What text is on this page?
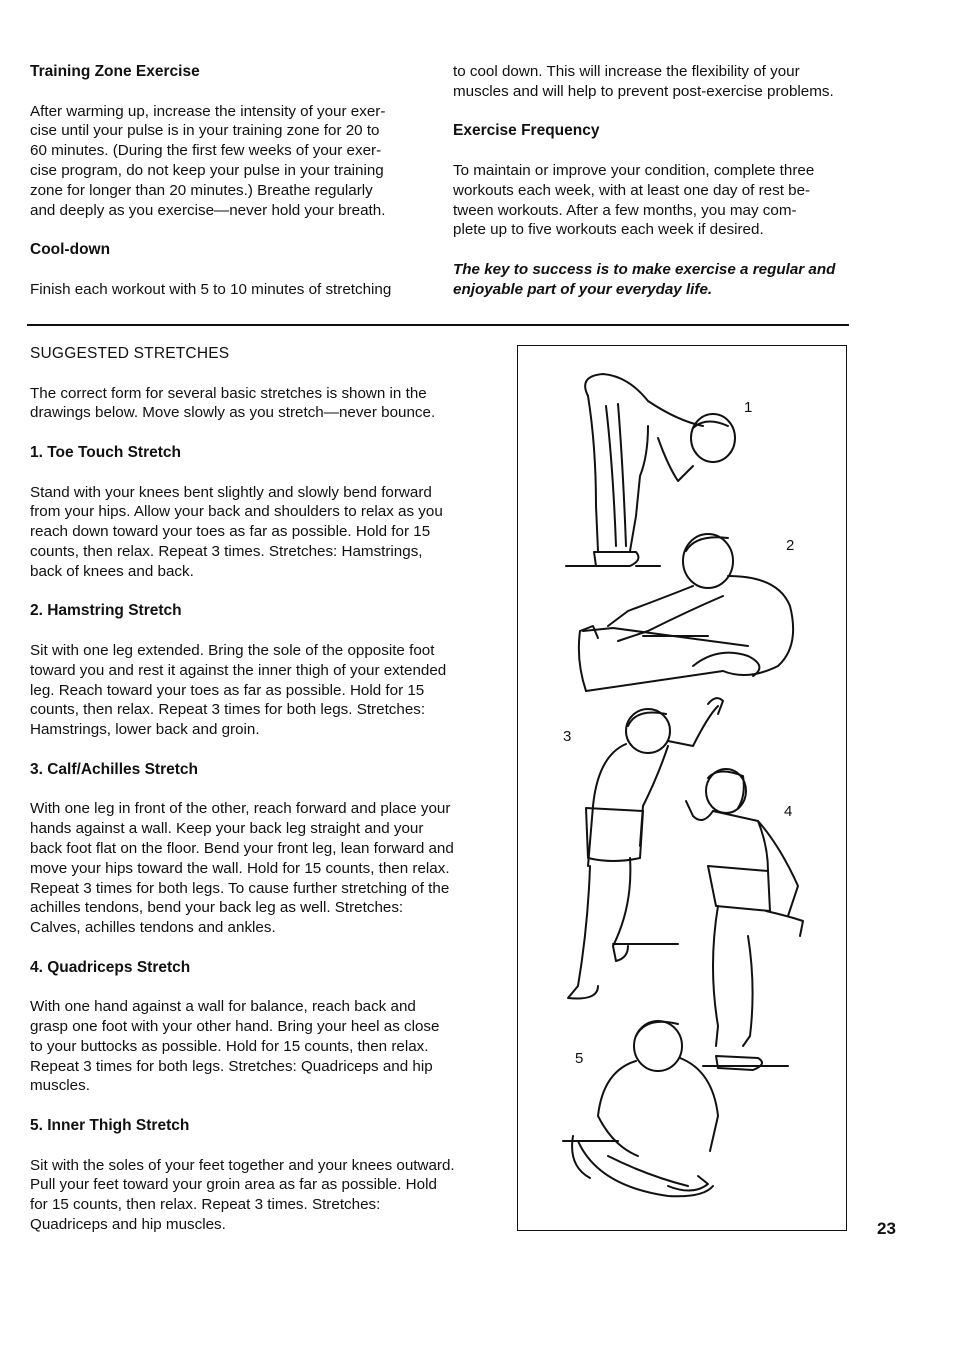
Training Zone Exercise

After warming up, increase the intensity of your exer-

cise until your pulse is in your training zone for 20 to

60 minutes. (During the first few weeks of your exer-

cise program, do not keep your pulse in your training

zone for longer than 20 minutes.) Breathe regularly

and deeply as you exercise—never hold your breath.

Cool-down

Finish each workout with 5 to 10 minutes of stretching

to cool down. This will increase the flexibility of your

muscles and will help to prevent post-exercise problems.

Exercise Frequency

To maintain or improve your condition, complete three

workouts each week, with at least one day of rest be-

tween workouts. After a few months, you may com-

plete up to five workouts each week if desired.

The key to success is to make exercise a regular and

enjoyable part of your everyday life.

SUGGESTED STRETCHES

The correct form for several basic stretches is shown in the

drawings below. Move slowly as you stretch—never bounce.

1. Toe Touch Stretch

Stand with your knees bent slightly and slowly bend forward

from your hips. Allow your back and shoulders to relax as you

reach down toward your toes as far as possible. Hold for 15

counts, then relax. Repeat 3 times. Stretches: Hamstrings,

back of knees and back.

2. Hamstring Stretch

Sit with one leg extended. Bring the sole of the opposite foot

toward you and rest it against the inner thigh of your extended

leg. Reach toward your toes as far as possible. Hold for 15

counts, then relax. Repeat 3 times for both legs. Stretches:

Hamstrings, lower back and groin.

3. Calf/Achilles Stretch

With one leg in front of the other, reach forward and place your

hands against a wall. Keep your back leg straight and your

back foot flat on the floor. Bend your front leg, lean forward and

move your hips toward the wall. Hold for 15 counts, then relax.

Repeat 3 times for both legs. To cause further stretching of the

achilles tendons, bend your back leg as well. Stretches:

Calves, achilles tendons and ankles.

4. Quadriceps Stretch

With one hand against a wall for balance, reach back and

grasp one foot with your other hand. Bring your heel as close

to your buttocks as possible. Hold for 15 counts, then relax.

Repeat 3 times for both legs. Stretches: Quadriceps and hip

muscles.

5. Inner Thigh Stretch

Sit with the soles of your feet together and your knees outward.

Pull your feet toward your groin area as far as possible. Hold

for 15 counts, then relax. Repeat 3 times. Stretches:

Quadriceps and hip muscles.

1
2
3
4
5
23
